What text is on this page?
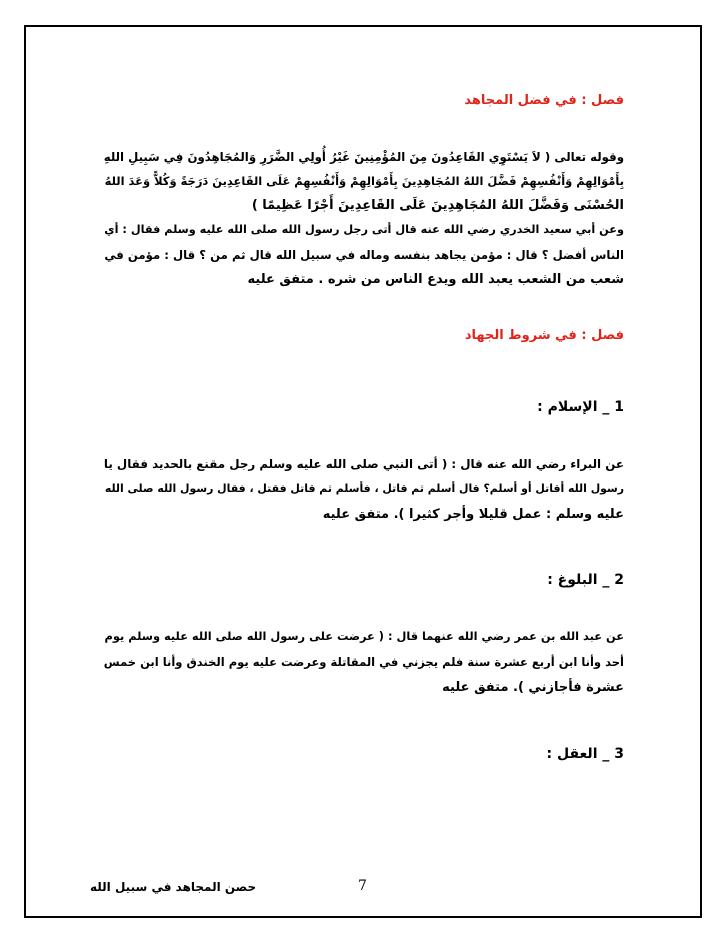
فصل : في فضل المجاهد
وقوله تعالى ( لاَ يَسْتَوِي القَاعِدُونَ مِنَ المُؤْمِنِينَ غَيْرُ أُولِي الضَّرَرِ وَالمُجَاهِدُونَ فِي سَبِيلِ اللهِ
بِأَمْوَالِهِمْ وَأَنْفُسِهِمْ فَضَّلَ اللهُ المُجَاهِدِينَ بِأَمْوَالِهِمْ وَأَنْفُسِهِمْ عَلَى القَاعِدِينَ دَرَجَةً وَكُلاًّ وَعَدَ اللهُ
الحُسْنَى وَفَضَّلَ اللهُ المُجَاهِدِينَ عَلَى القَاعِدِينَ أَجْرًا عَظِيمًا )
وعن أبي سعيد الخدري رضي الله عنه قال أتى رجل رسول الله صلى الله عليه وسلم فقال : أي
الناس أفضل ؟ قال : مؤمن يجاهد بنفسه وماله في سبيل الله قال ثم من ؟ قال : مؤمن في
شعب من الشعب يعبد الله ويدع الناس من شره . متفق عليه
فصل : في شروط الجهاد
1 _ الإسلام :
عن البراء رضي الله عنه قال : ( أتى النبي صلى الله عليه وسلم رجل مقنع بالحديد فقال يا
رسول الله أقاتل أو أسلم؟ قال أسلم ثم قاتل ، فأسلم ثم قاتل فقتل ، فقال رسول الله صلى الله
عليه وسلم : عمل قليلا وأجر كثيرا ). متفق عليه
2 _ البلوغ :
عن عبد الله بن عمر رضي الله عنهما قال : ( عرضت على رسول الله صلى الله عليه وسلم يوم
أحد وأنا ابن أربع عشرة سنة فلم يجزني في المقاتلة وعرضت عليه يوم الخندق وأنا ابن خمس
عشرة فأجازني ). متفق عليه
3 _ العقل :
حصن المجاهد في سبيل الله	7
